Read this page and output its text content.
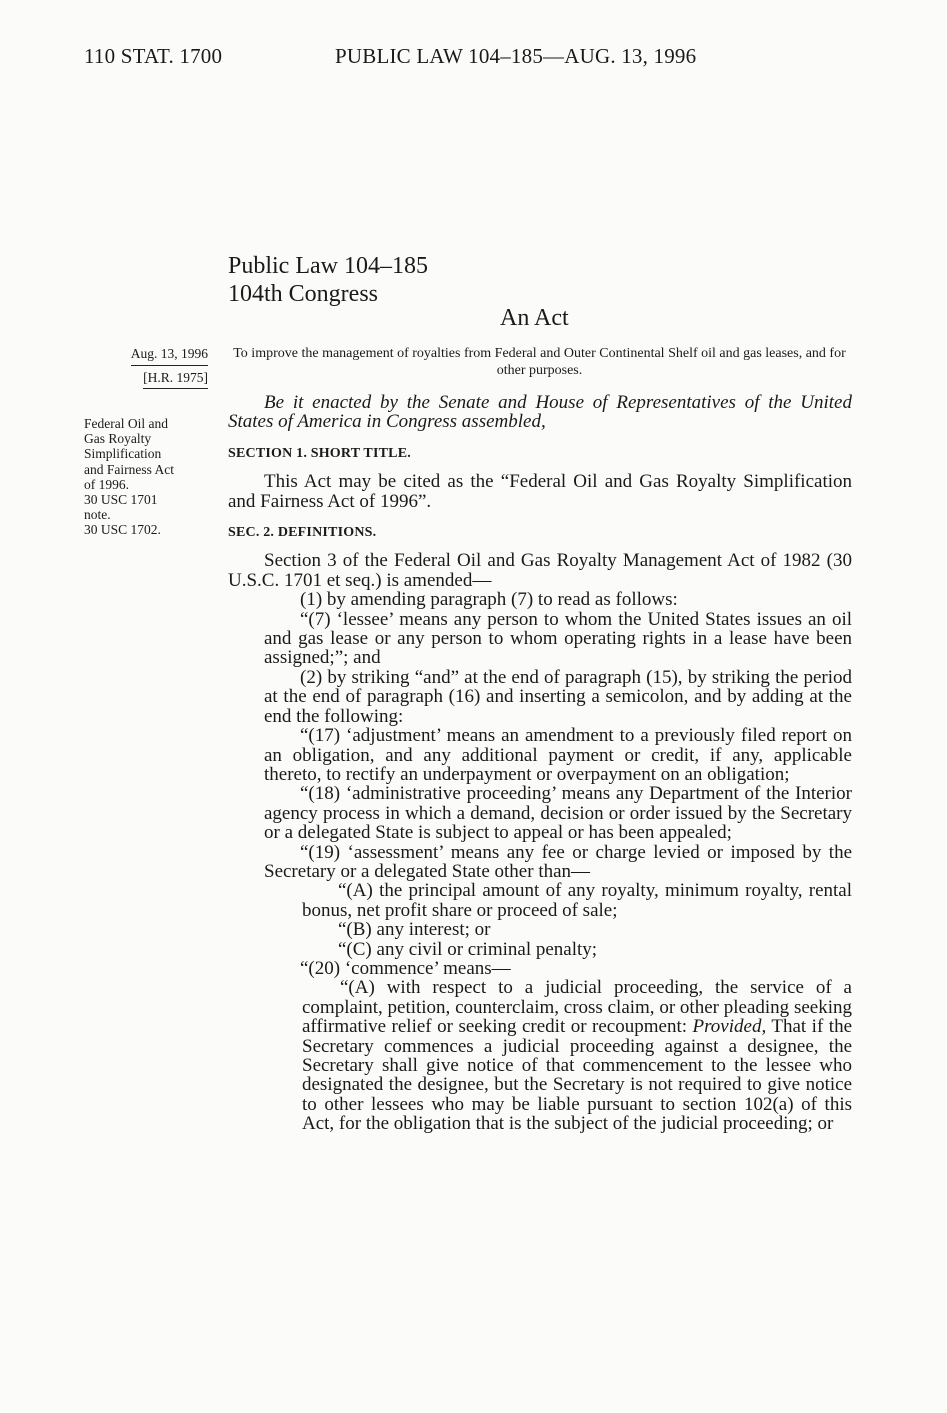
110 STAT. 1700	PUBLIC LAW 104–185—AUG. 13, 1996
Public Law 104–185
104th Congress
An Act
Aug. 13, 1996
[H.R. 1975]
To improve the management of royalties from Federal and Outer Continental Shelf oil and gas leases, and for other purposes.
Federal Oil and
Gas Royalty
Simplification
and Fairness Act
of 1996.
30 USC 1701
note.
30 USC 1702.

Be it enacted by the Senate and House of Representatives of the United States of America in Congress assembled,

SECTION 1. SHORT TITLE.

This Act may be cited as the “Federal Oil and Gas Royalty Simplification and Fairness Act of 1996”.

SEC. 2. DEFINITIONS.

Section 3 of the Federal Oil and Gas Royalty Management Act of 1982 (30 U.S.C. 1701 et seq.) is amended—

(1) by amending paragraph (7) to read as follows:

“(7) ‘lessee’ means any person to whom the United States issues an oil and gas lease or any person to whom operating rights in a lease have been assigned;”; and

(2) by striking “and” at the end of paragraph (15), by striking the period at the end of paragraph (16) and inserting a semicolon, and by adding at the end the following:

“(17) ‘adjustment’ means an amendment to a previously filed report on an obligation, and any additional payment or credit, if any, applicable thereto, to rectify an underpayment or overpayment on an obligation;

“(18) ‘administrative proceeding’ means any Department of the Interior agency process in which a demand, decision or order issued by the Secretary or a delegated State is subject to appeal or has been appealed;

“(19) ‘assessment’ means any fee or charge levied or imposed by the Secretary or a delegated State other than—

“(A) the principal amount of any royalty, minimum royalty, rental bonus, net profit share or proceed of sale;

“(B) any interest; or

“(C) any civil or criminal penalty;

“(20) ‘commence’ means—

“(A) with respect to a judicial proceeding, the service of a complaint, petition, counterclaim, cross claim, or other pleading seeking affirmative relief or seeking credit or recoupment: Provided, That if the Secretary commences a judicial proceeding against a designee, the Secretary shall give notice of that commencement to the lessee who designated the designee, but the Secretary is not required to give notice to other lessees who may be liable pursuant to section 102(a) of this Act, for the obligation that is the subject of the judicial proceeding; or
